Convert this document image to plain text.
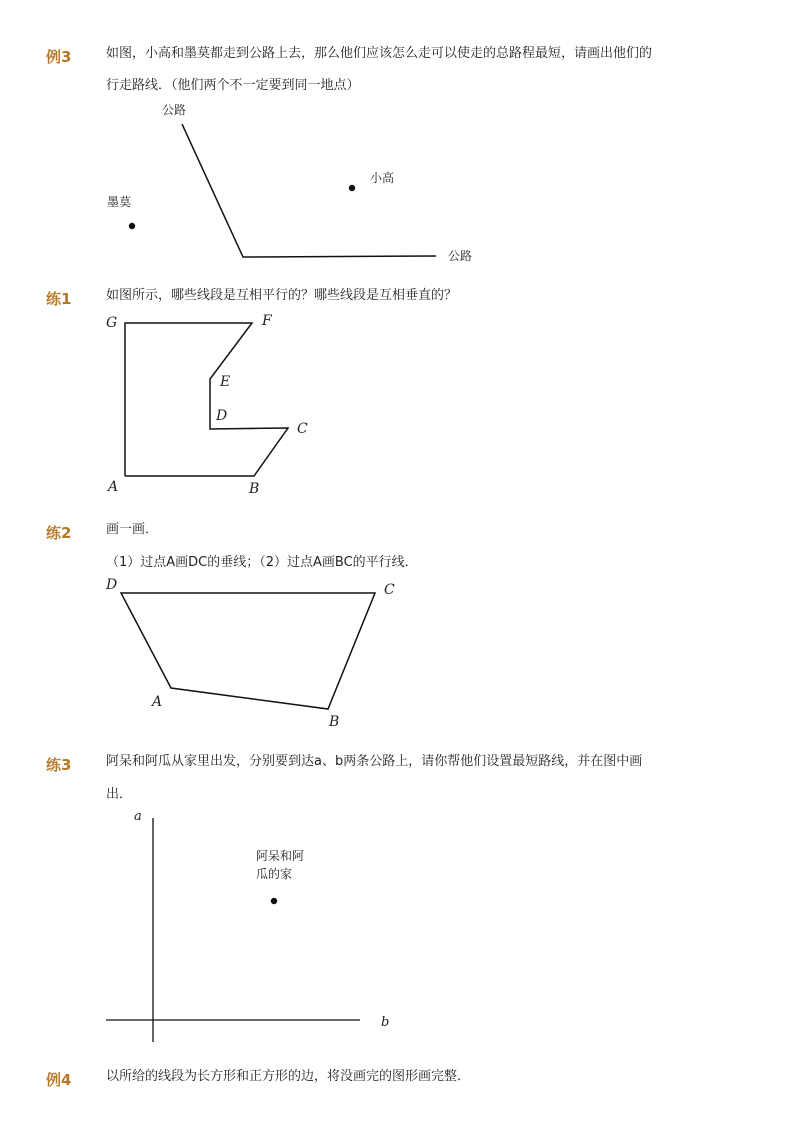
例3	如图，小高和墨莫都走到公路上去，那么他们应该怎么走可以使走的总路程最短，请画出他们的
行走路线．（他们两个不一定要到同一地点）
公路
公路
小高
墨莫
练1	如图所示，哪些线段是互相平行的？哪些线段是互相垂直的？
G	F
E
D
C
A	B
练2	画一画．
（1）过点A画DC的垂线；（2）过点A画BC的平行线．
D	C
A
B
练3	阿呆和阿瓜从家里出发，分别要到达a、b两条公路上，请你帮他们设置最短路线，并在图中画
出．
a
b
阿呆和阿
瓜的家
例4	以所给的线段为长方形和正方形的边，将没画完的图形画完整．
